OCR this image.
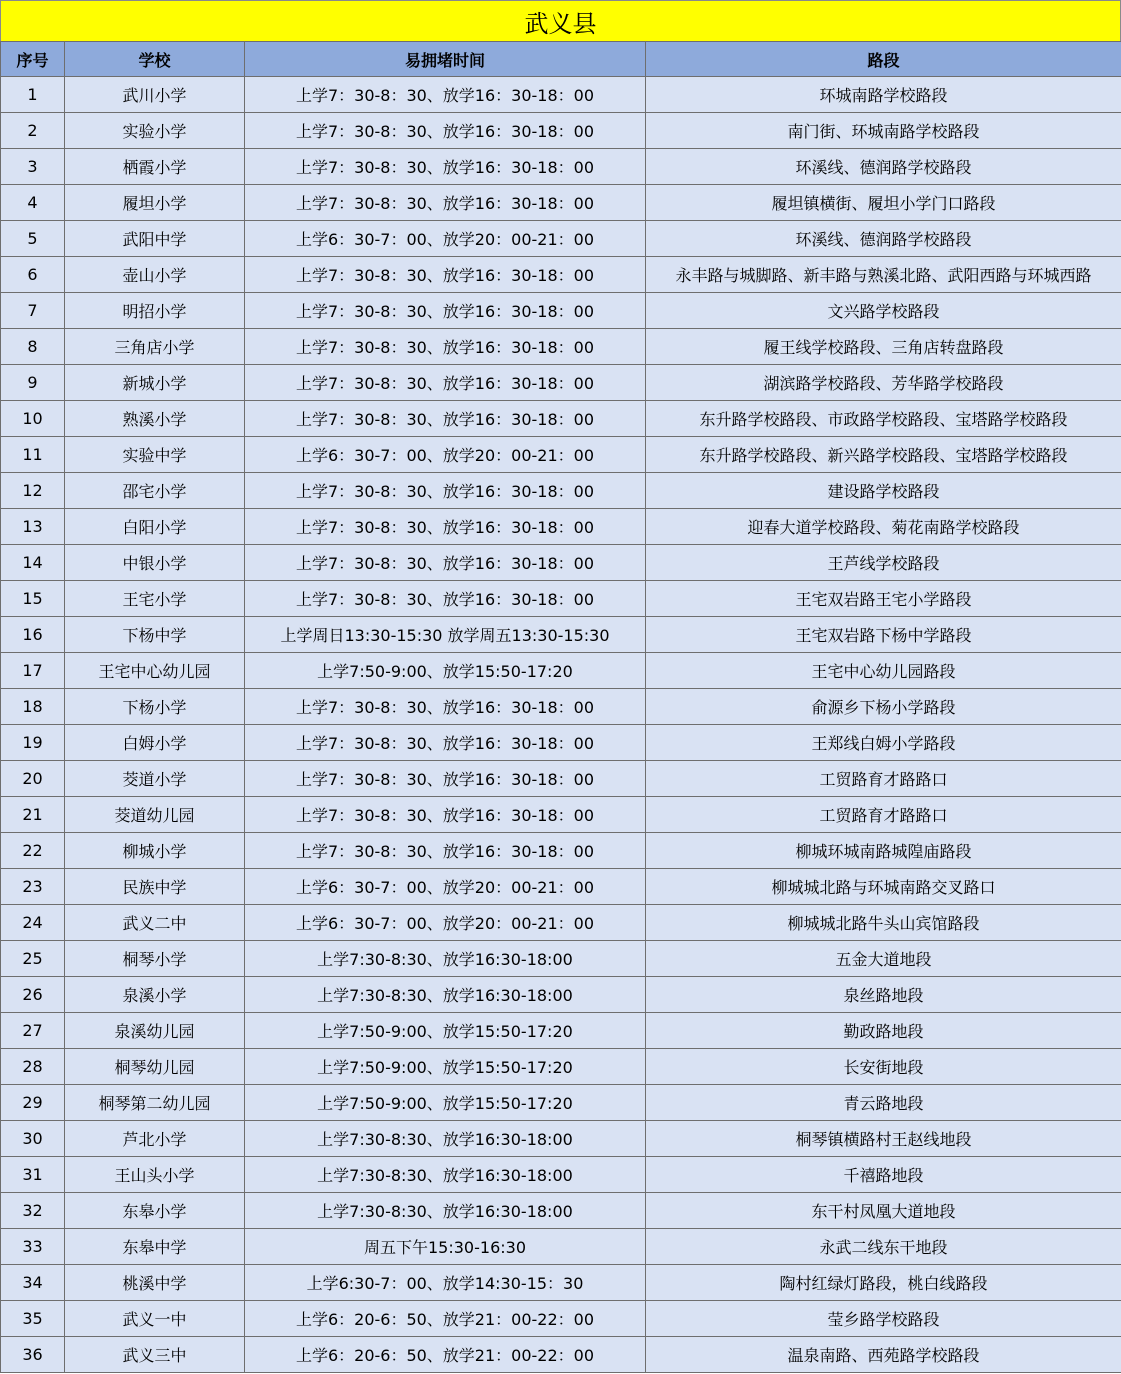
武义县
序号	学校	易拥堵时间	路段
1	武川小学	上学7：30-8：30、放学16：30-18：00	环城南路学校路段
2	实验小学	上学7：30-8：30、放学16：30-18：00	南门街、环城南路学校路段
3	栖霞小学	上学7：30-8：30、放学16：30-18：00	环溪线、德润路学校路段
4	履坦小学	上学7：30-8：30、放学16：30-18：00	履坦镇横街、履坦小学门口路段
5	武阳中学	上学6：30-7：00、放学20：00-21：00	环溪线、德润路学校路段
6	壶山小学	上学7：30-8：30、放学16：30-18：00	永丰路与城脚路、新丰路与熟溪北路、武阳西路与环城西路
7	明招小学	上学7：30-8：30、放学16：30-18：00	文兴路学校路段
8	三角店小学	上学7：30-8：30、放学16：30-18：00	履王线学校路段、三角店转盘路段
9	新城小学	上学7：30-8：30、放学16：30-18：00	湖滨路学校路段、芳华路学校路段
10	熟溪小学	上学7：30-8：30、放学16：30-18：00	东升路学校路段、市政路学校路段、宝塔路学校路段
11	实验中学	上学6：30-7：00、放学20：00-21：00	东升路学校路段、新兴路学校路段、宝塔路学校路段
12	邵宅小学	上学7：30-8：30、放学16：30-18：00	建设路学校路段
13	白阳小学	上学7：30-8：30、放学16：30-18：00	迎春大道学校路段、菊花南路学校路段
14	中银小学	上学7：30-8：30、放学16：30-18：00	王芦线学校路段
15	王宅小学	上学7：30-8：30、放学16：30-18：00	王宅双岩路王宅小学路段
16	下杨中学	上学周日13:30-15:30 放学周五13:30-15:30	王宅双岩路下杨中学路段
17	王宅中心幼儿园	上学7:50-9:00、放学15:50-17:20	王宅中心幼儿园路段
18	下杨小学	上学7：30-8：30、放学16：30-18：00	俞源乡下杨小学路段
19	白姆小学	上学7：30-8：30、放学16：30-18：00	王郑线白姆小学路段
20	茭道小学	上学7：30-8：30、放学16：30-18：00	工贸路育才路路口
21	茭道幼儿园	上学7：30-8：30、放学16：30-18：00	工贸路育才路路口
22	柳城小学	上学7：30-8：30、放学16：30-18：00	柳城环城南路城隍庙路段
23	民族中学	上学6：30-7：00、放学20：00-21：00	柳城城北路与环城南路交叉路口
24	武义二中	上学6：30-7：00、放学20：00-21：00	柳城城北路牛头山宾馆路段
25	桐琴小学	上学7:30-8:30、放学16:30-18:00	五金大道地段
26	泉溪小学	上学7:30-8:30、放学16:30-18:00	泉丝路地段
27	泉溪幼儿园	上学7:50-9:00、放学15:50-17:20	勤政路地段
28	桐琴幼儿园	上学7:50-9:00、放学15:50-17:20	长安街地段
29	桐琴第二幼儿园	上学7:50-9:00、放学15:50-17:20	青云路地段
30	芦北小学	上学7:30-8:30、放学16:30-18:00	桐琴镇横路村王赵线地段
31	王山头小学	上学7:30-8:30、放学16:30-18:00	千禧路地段
32	东皋小学	上学7:30-8:30、放学16:30-18:00	东干村凤凰大道地段
33	东皋中学	周五下午15:30-16:30	永武二线东干地段
34	桃溪中学	上学6:30-7：00、放学14:30-15：30	陶村红绿灯路段，桃白线路段
35	武义一中	上学6：20-6：50、放学21：00-22：00	莹乡路学校路段
36	武义三中	上学6：20-6：50、放学21：00-22：00	温泉南路、西苑路学校路段
